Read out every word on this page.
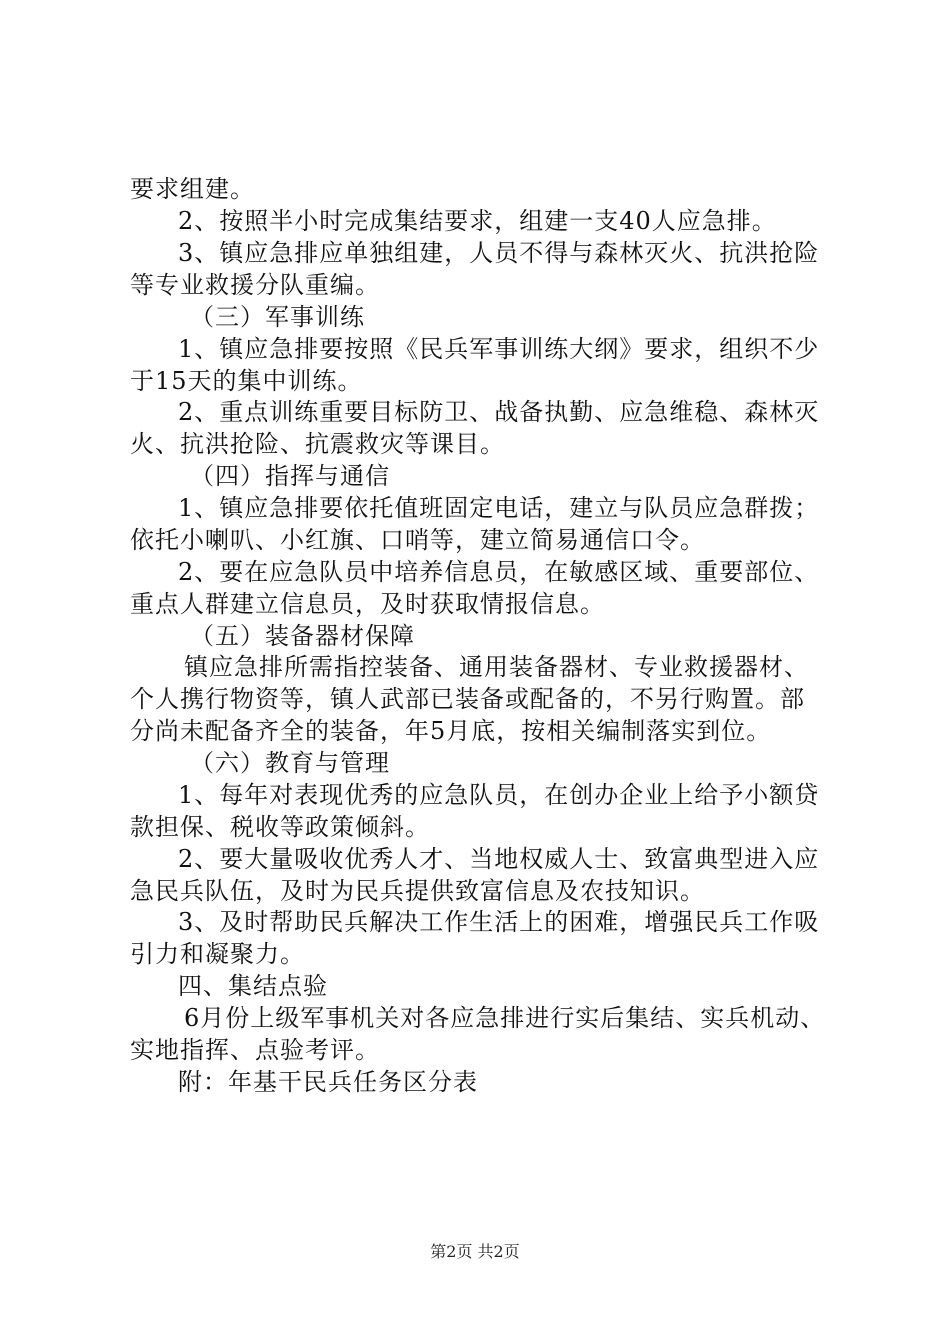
要求组建。
2、按照半小时完成集结要求，组建一支40人应急排。
3、镇应急排应单独组建，人员不得与森林灭火、抗洪抢险
等专业救援分队重编。
（三）军事训练
1、镇应急排要按照《民兵军事训练大纲》要求，组织不少
于15天的集中训练。
2、重点训练重要目标防卫、战备执勤、应急维稳、森林灭
火、抗洪抢险、抗震救灾等课目。
（四）指挥与通信
1、镇应急排要依托值班固定电话，建立与队员应急群拨；
依托小喇叭、小红旗、口哨等，建立简易通信口令。
2、要在应急队员中培养信息员，在敏感区域、重要部位、
重点人群建立信息员，及时获取情报信息。
（五）装备器材保障
镇应急排所需指控装备、通用装备器材、专业救援器材、
个人携行物资等，镇人武部已装备或配备的，不另行购置。部
分尚未配备齐全的装备，年5月底，按相关编制落实到位。
（六）教育与管理
1、每年对表现优秀的应急队员，在创办企业上给予小额贷
款担保、税收等政策倾斜。
2、要大量吸收优秀人才、当地权威人士、致富典型进入应
急民兵队伍，及时为民兵提供致富信息及农技知识。
3、及时帮助民兵解决工作生活上的困难，增强民兵工作吸
引力和凝聚力。
四、集结点验
6月份上级军事机关对各应急排进行实后集结、实兵机动、
实地指挥、点验考评。
附：年基干民兵任务区分表
第2页 共2页
